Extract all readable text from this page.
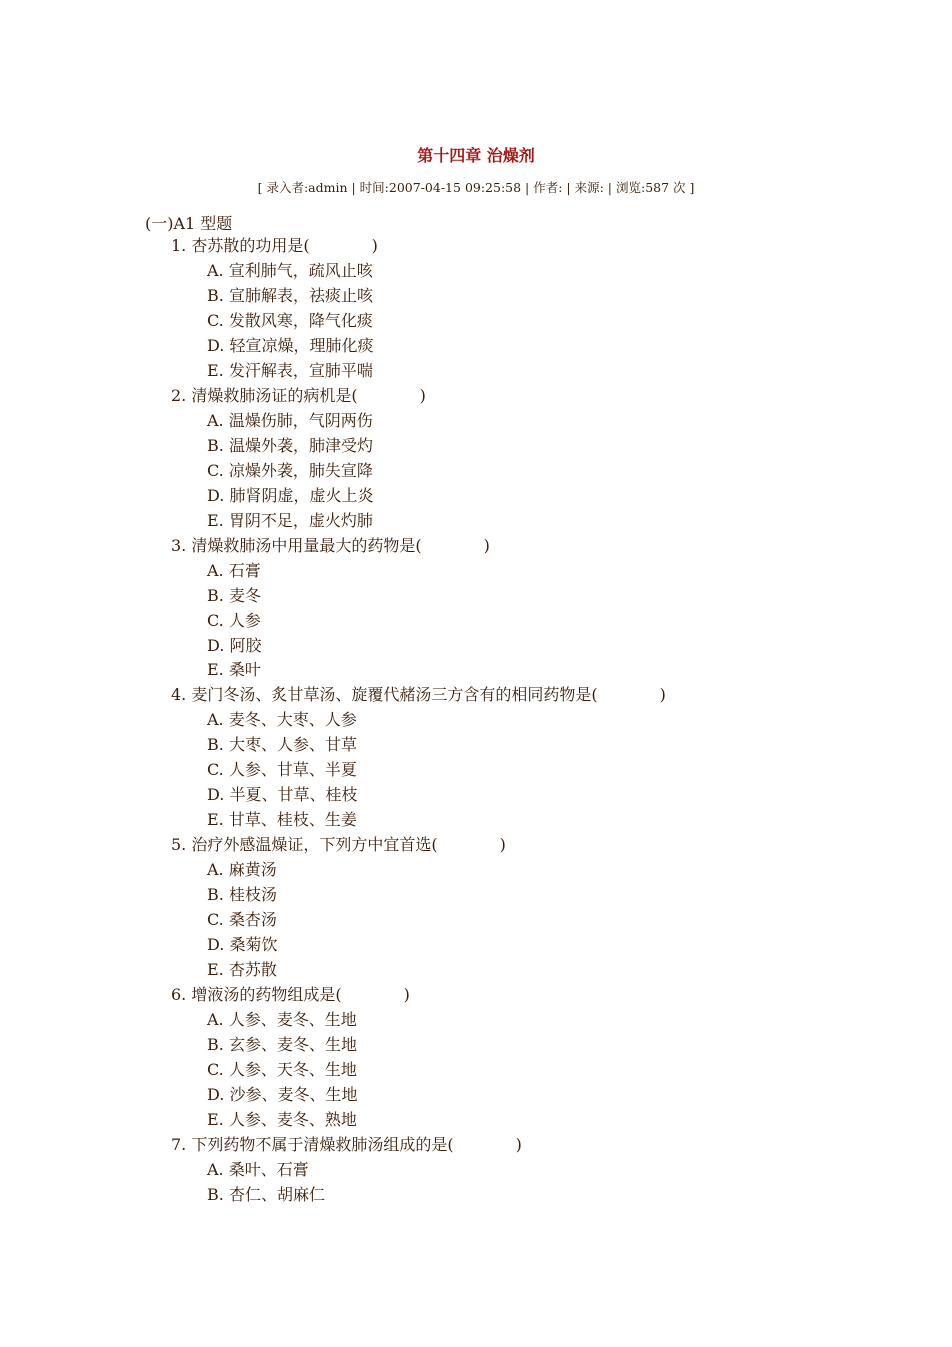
第十四章 治燥剂
[ 录入者:admin | 时间:2007-04-15 09:25:58 | 作者: | 来源: | 浏览:587 次 ]
(一)A1 型题
1. 杏苏散的功用是(	)
A. 宣利肺气，疏风止咳
B. 宣肺解表，祛痰止咳
C. 发散风寒，降气化痰
D. 轻宣凉燥，理肺化痰
E. 发汗解表，宣肺平喘
2. 清燥救肺汤证的病机是(	)
A. 温燥伤肺，气阴两伤
B. 温燥外袭，肺津受灼
C. 凉燥外袭，肺失宣降
D. 肺肾阴虚，虚火上炎
E. 胃阴不足，虚火灼肺
3. 清燥救肺汤中用量最大的药物是(	)
A. 石膏
B. 麦冬
C. 人参
D. 阿胶
E. 桑叶
4. 麦门冬汤、炙甘草汤、旋覆代赭汤三方含有的相同药物是(	)
A. 麦冬、大枣、人参
B. 大枣、人参、甘草
C. 人参、甘草、半夏
D. 半夏、甘草、桂枝
E. 甘草、桂枝、生姜
5. 治疗外感温燥证，下列方中宜首选(	)
A. 麻黄汤
B. 桂枝汤
C. 桑杏汤
D. 桑菊饮
E. 杏苏散
6. 增液汤的药物组成是(	)
A. 人参、麦冬、生地
B. 玄参、麦冬、生地
C. 人参、天冬、生地
D. 沙参、麦冬、生地
E. 人参、麦冬、熟地
7. 下列药物不属于清燥救肺汤组成的是(	)
A. 桑叶、石膏
B. 杏仁、胡麻仁
